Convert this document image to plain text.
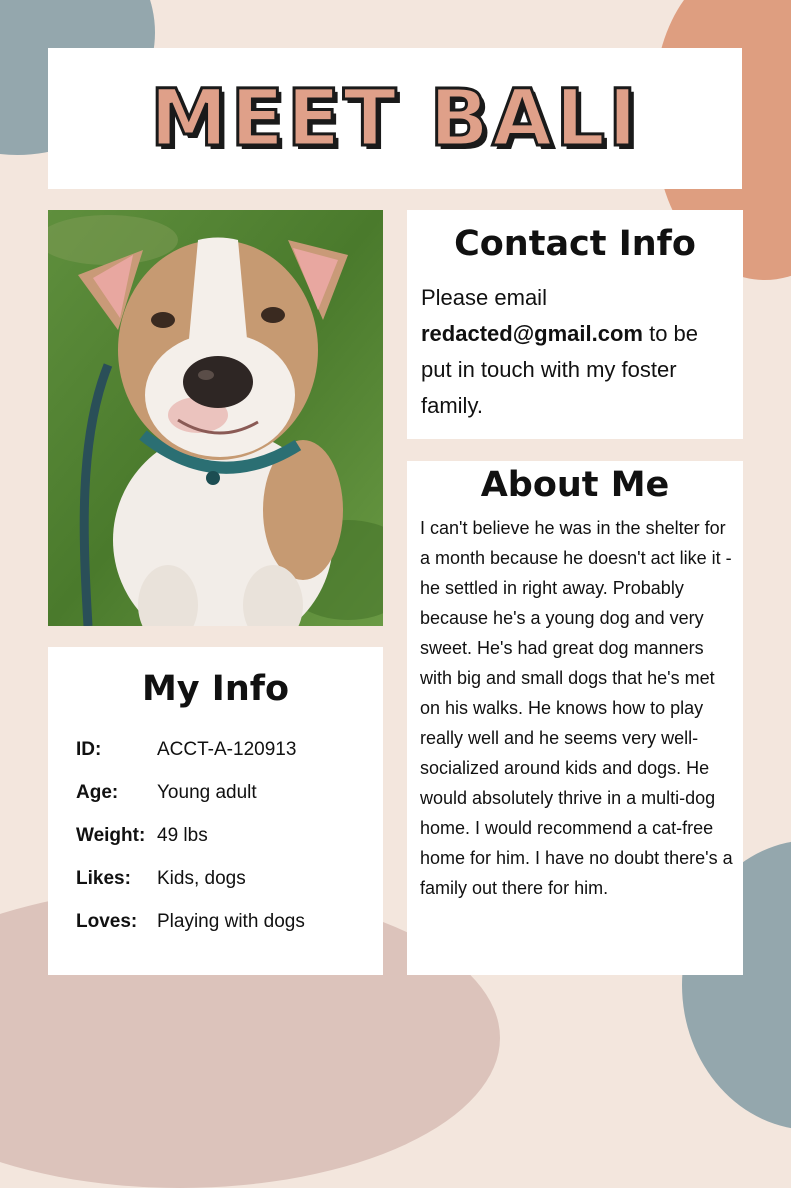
MEET BALI
Contact Info

Please email redacted@gmail.com to be put in touch with my foster family.

About Me

I can't believe he was in the shelter for a month because he doesn't act like it - he settled in right away. Probably because he's a young dog and very sweet. He's had great dog manners with big and small dogs that he's met on his walks. He knows how to play really well and he seems very well-socialized around kids and dogs. He would absolutely thrive in a multi-dog home. I would recommend a cat-free home for him. I have no doubt there's a family out there for him.

My Info
ID:	ACCT-A-120913
Age:	Young adult
Weight: 49 lbs
Likes:	Kids, dogs
Loves:	Playing with dogs
